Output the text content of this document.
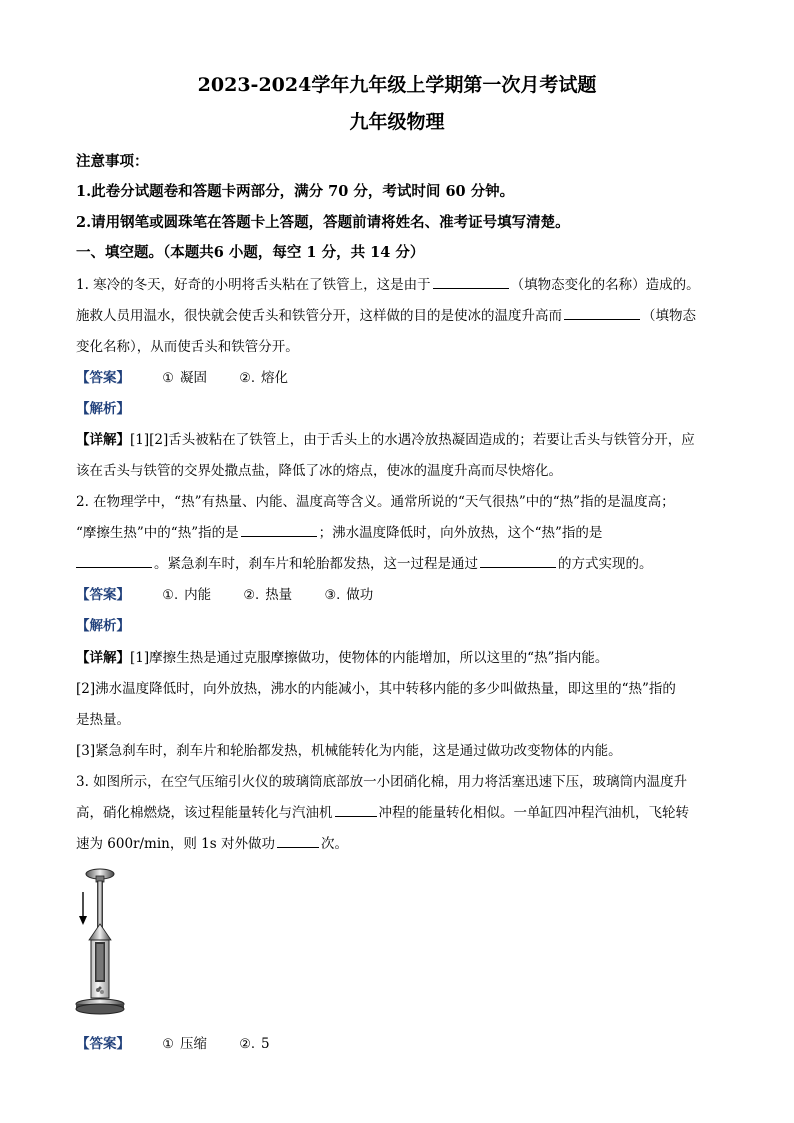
2023-2024学年九年级上学期第一次月考试题
九年级物理
注意事项：
1.此卷分试题卷和答题卡两部分，满分 70 分，考试时间 60 分钟。
2.请用钢笔或圆珠笔在答题卡上答题，答题前请将姓名、准考证号填写清楚。
一、填空题。（本题共6 小题，每空 1 分，共 14 分）
1. 寒冷的冬天，好奇的小明将舌头粘在了铁管上，这是由于	（填物态变化的名称）造成的。
施救人员用温水，很快就会使舌头和铁管分开，这样做的目的是使冰的温度升高而	（填物态
变化名称），从而使舌头和铁管分开。
【答案】 ① 凝固 ②. 熔化
【解析】
【详解】[1][2]舌头被粘在了铁管上，由于舌头上的水遇冷放热凝固造成的；若要让舌头与铁管分开，应
该在舌头与铁管的交界处撒点盐，降低了冰的熔点，使冰的温度升高而尽快熔化。
2. 在物理学中，“热”有热量、内能、温度高等含义。通常所说的“天气很热”中的“热”指的是温度高；
“摩擦生热”中的“热”指的是	；沸水温度降低时，向外放热，这个“热”指的是
。紧急刹车时，刹车片和轮胎都发热，这一过程是通过	的方式实现的。
【答案】 ①. 内能 ②. 热量 ③. 做功
【解析】
【详解】[1]摩擦生热是通过克服摩擦做功，使物体的内能增加，所以这里的“热”指内能。
[2]沸水温度降低时，向外放热，沸水的内能减小，其中转移内能的多少叫做热量，即这里的“热”指的
是热量。
[3]紧急刹车时，刹车片和轮胎都发热，机械能转化为内能，这是通过做功改变物体的内能。
3. 如图所示，在空气压缩引火仪的玻璃筒底部放一小团硝化棉，用力将活塞迅速下压，玻璃筒内温度升
高，硝化棉燃烧，该过程能量转化与汽油机	冲程的能量转化相似。一单缸四冲程汽油机，飞轮转
速为 600r/min，则 1s 对外做功	次。
【答案】 ① 压缩 ②. 5
